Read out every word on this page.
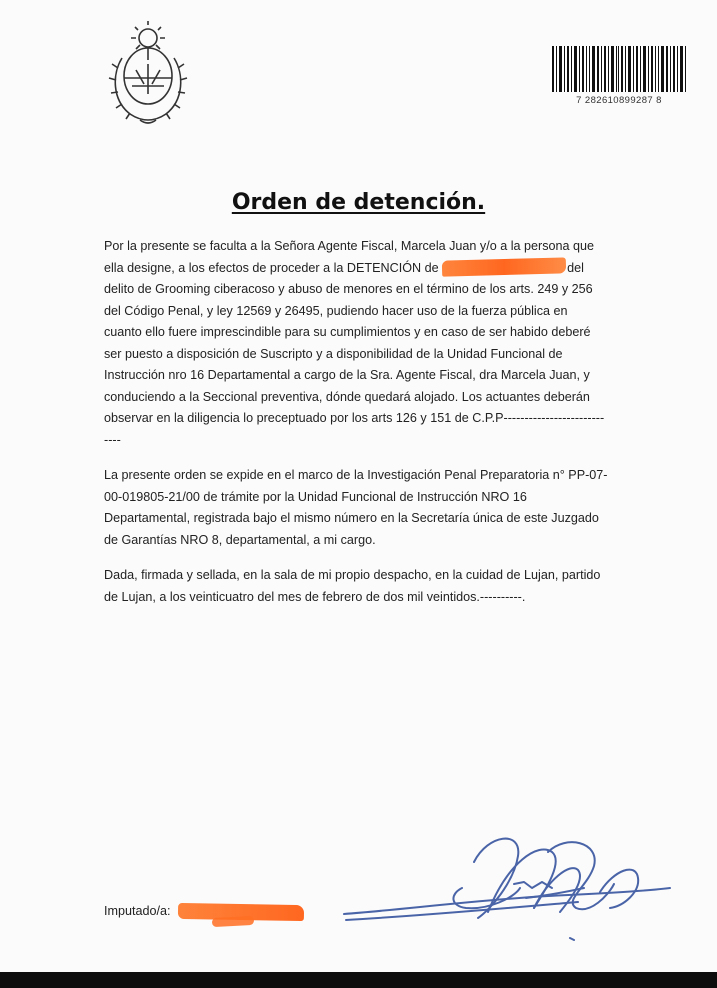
7 282610899287 8
Orden de detención.

Por la presente se faculta a la Señora Agente Fiscal, Marcela Juan y/o a la persona que ella designe, a los efectos de proceder a la DETENCIÓN de	del delito de Grooming ciberacoso y abuso de menores en el término de los arts. 249 y 256 del Código Penal, y ley 12569 y 26495, pudiendo hacer uso de la fuerza pública en cuanto ello fuere imprescindible para su cumplimientos y en caso de ser habido deberé ser puesto a disposición de Suscripto y a disponibilidad de la Unidad Funcional de Instrucción nro 16 Departamental a cargo de la Sra. Agente Fiscal, dra Marcela Juan, y conduciendo a la Seccional preventiva, dónde quedará alojado. Los actuantes deberán observar en la diligencia lo preceptuado por los arts 126 y 151 de C.P.P----------------------------

La presente orden se expide en el marco de la Investigación Penal Preparatoria n° PP-07-00-019805-21/00 de trámite por la Unidad Funcional de Instrucción NRO 16 Departamental, registrada bajo el mismo número en la Secretaría única de este Juzgado de Garantías NRO 8, departamental, a mi cargo.

Dada, firmada y sellada, en la sala de mi propio despacho, en la cuidad de Lujan, partido de Lujan, a los veinticuatro del mes de febrero de dos mil veintidos.----------.

Imputado/a:
